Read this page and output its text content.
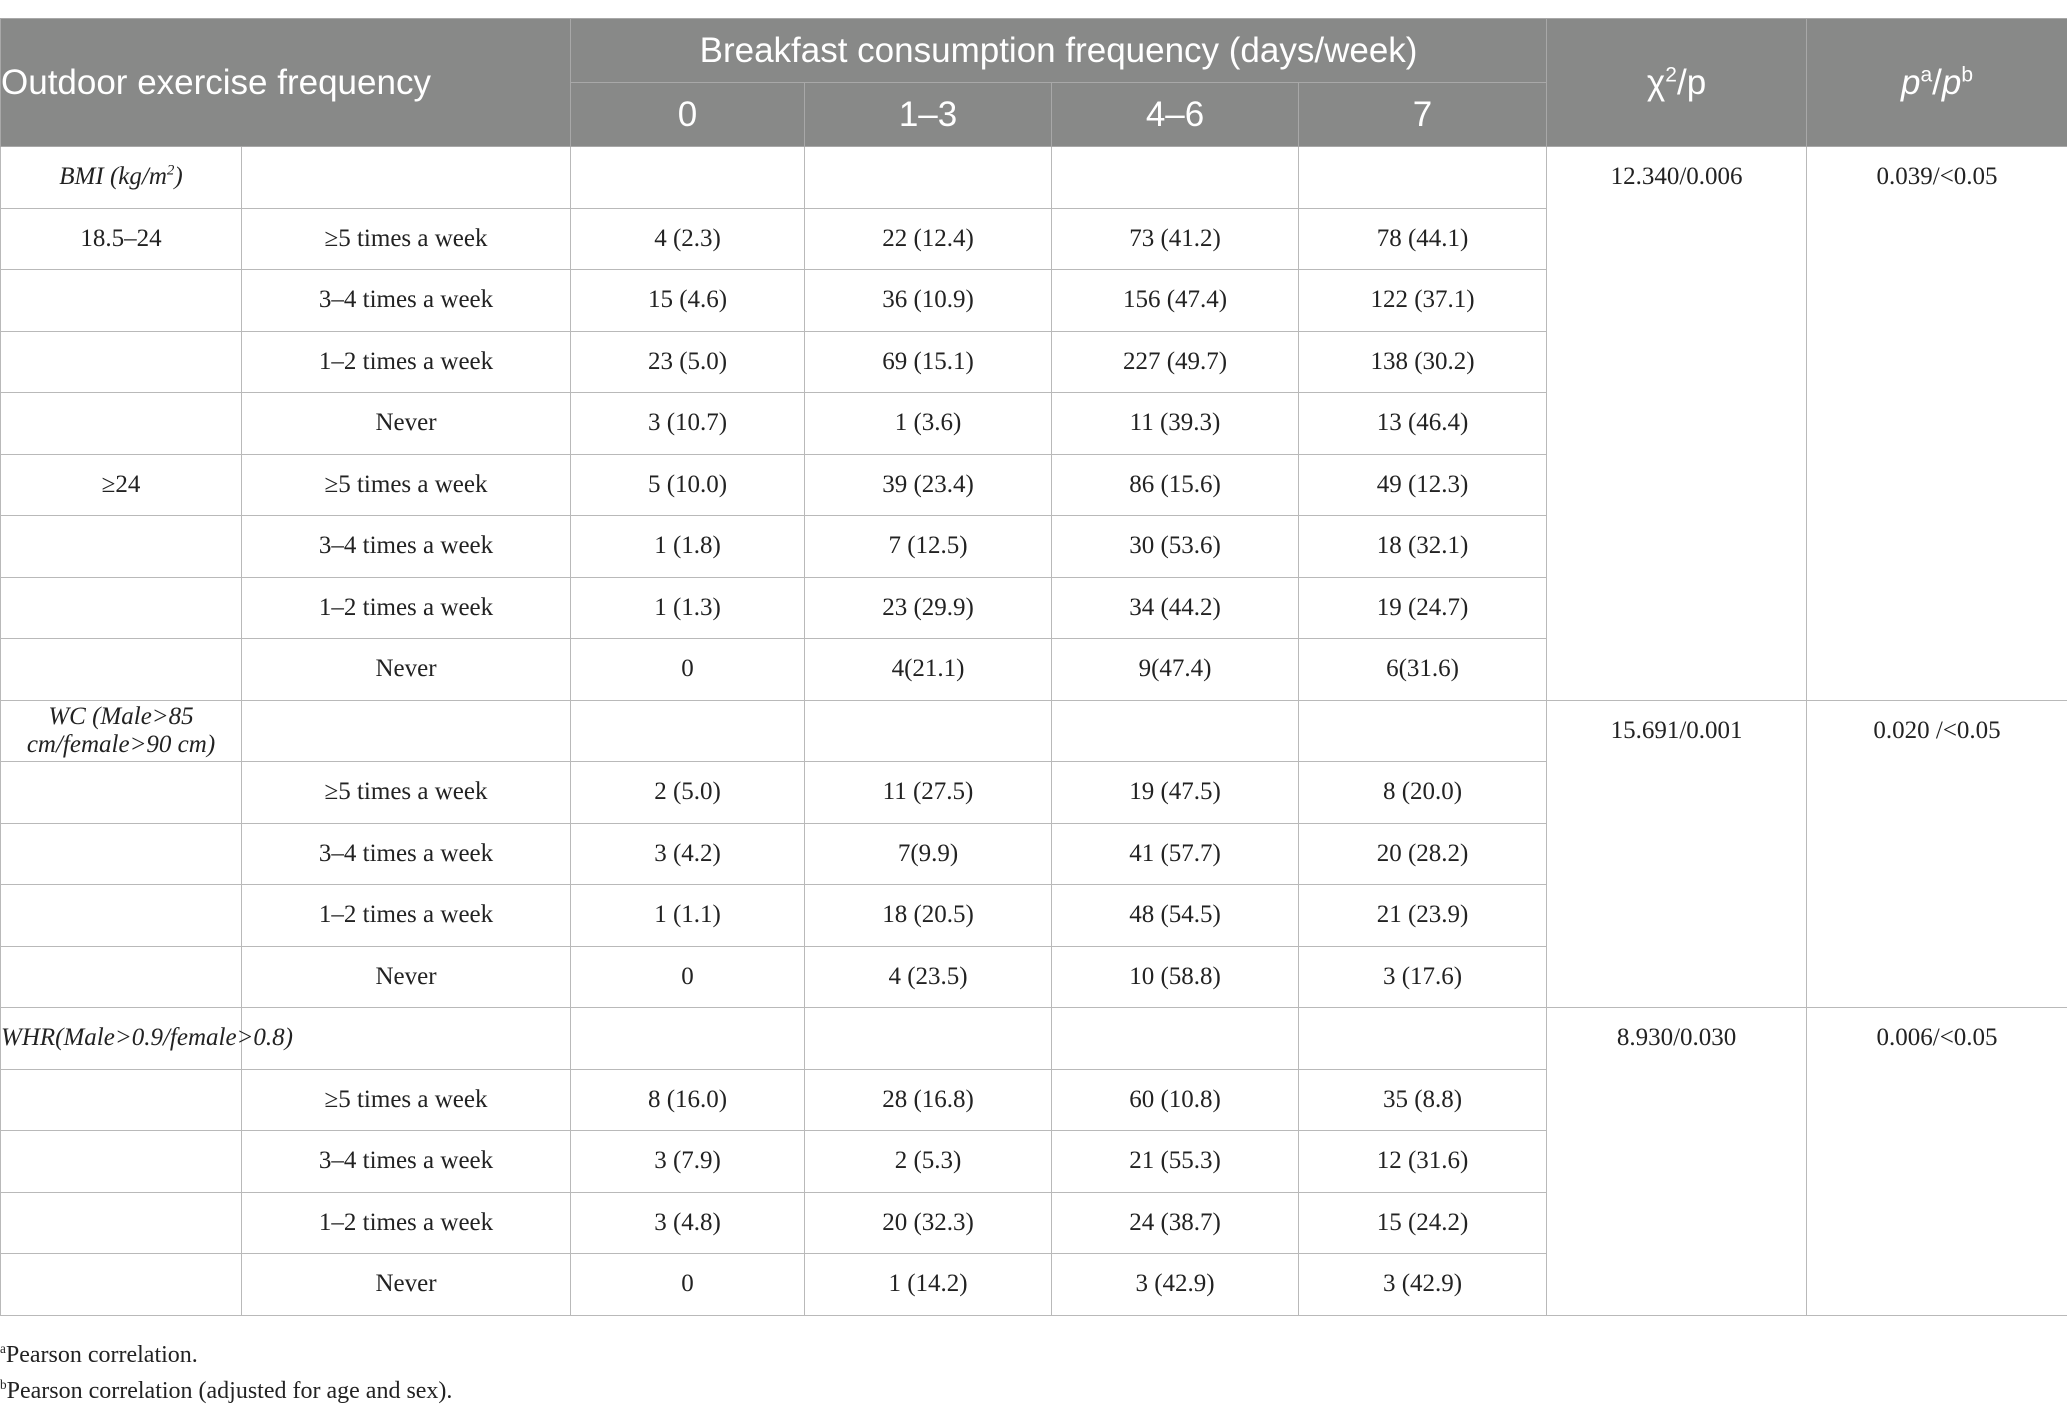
Outdoor exercise frequency		Breakfast consumption frequency (days/week)				$\chi^2/p$	$p^a/p^b$
		0	1–3	4–6	7		
BMI $(kg/m^2)$						12.340/0.006	0.039/<0.05
18.5–24	≥5 times a week	4 (2.3)	22 (12.4)	73 (41.2)	78 (44.1)		
	3–4 times a week	15 (4.6)	36 (10.9)	156 (47.4)	122 (37.1)		
	1–2 times a week	23 (5.0)	69 (15.1)	227 (49.7)	138 (30.2)		
	Never	3 (10.7)	1 (3.6)	11 (39.3)	13 (46.4)		
≥24	≥5 times a week	5 (10.0)	39 (23.4)	86 (15.6)	49 (12.3)		
	3–4 times a week	1 (1.8)	7 (12.5)	30 (53.6)	18 (32.1)		
	1–2 times a week	1 (1.3)	23 (29.9)	34 (44.2)	19 (24.7)		
	Never	0	4(21.1)	9(47.4)	6(31.6)		
WC (Male>85 cm/female>90 cm)						15.691/0.001	0.020 /<0.05
	≥5 times a week	2 (5.0)	11 (27.5)	19 (47.5)	8 (20.0)		
	3–4 times a week	3 (4.2)	7(9.9)	41 (57.7)	20 (28.2)		
	1–2 times a week	1 (1.1)	18 (20.5)	48 (54.5)	21 (23.9)		
	Never	0	4 (23.5)	10 (58.8)	3 (17.6)		
WHR(Male>0.9/female>0.8)						8.930/0.030	0.006/<0.05
	≥5 times a week	8 (16.0)	28 (16.8)	60 (10.8)	35 (8.8)		
	3–4 times a week	3 (7.9)	2 (5.3)	21 (55.3)	12 (31.6)		
	1–2 times a week	3 (4.8)	20 (32.3)	24 (38.7)	15 (24.2)		
	Never	0	1 (14.2)	3 (42.9)	3 (42.9)		
$^a$Pearson correlation.
$^b$Pearson correlation (adjusted for age and sex).
